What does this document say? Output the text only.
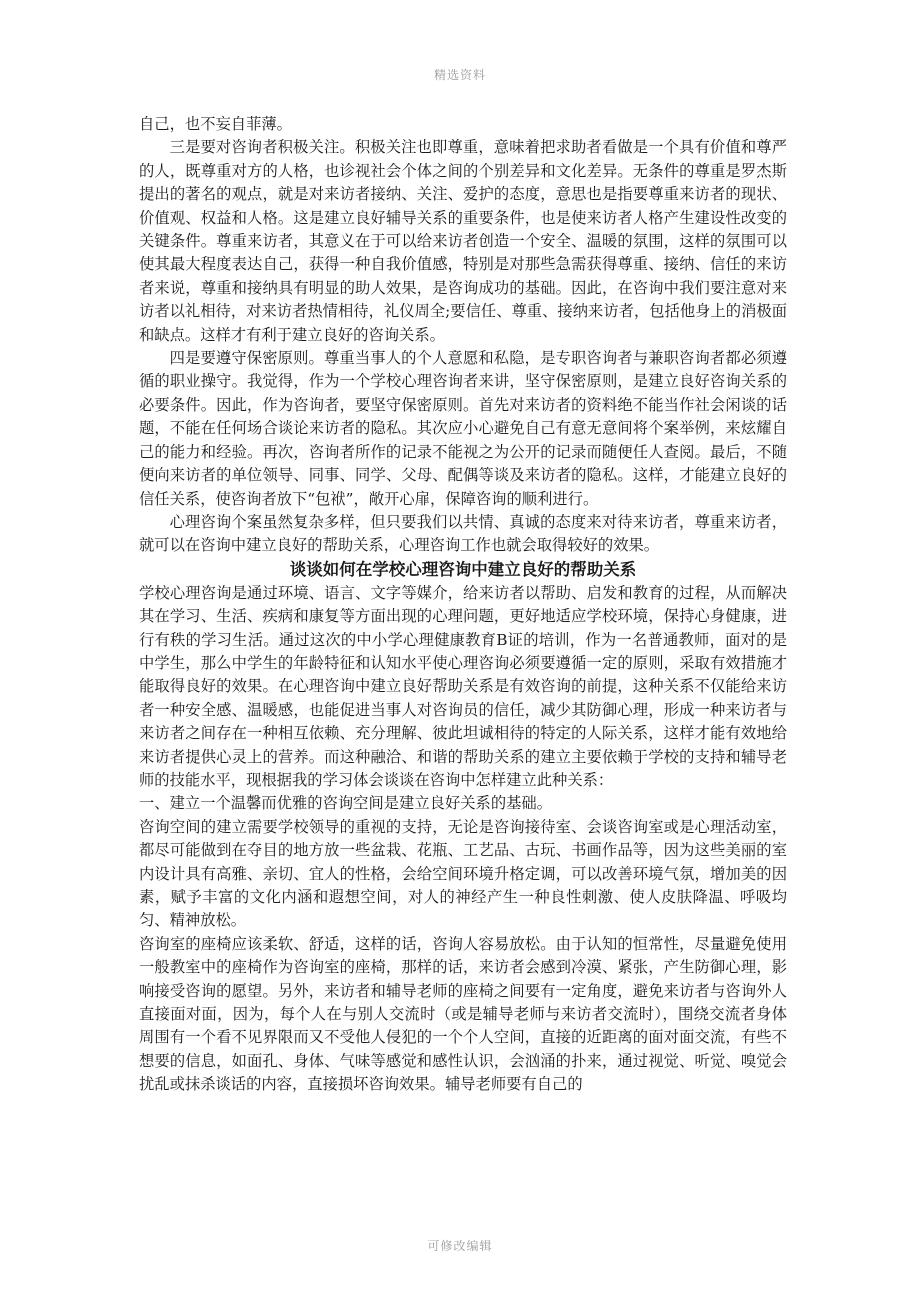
精选资料

自己，也不妄自菲薄。

三是要对咨询者积极关注。积极关注也即尊重，意味着把求助者看做是一个具有价值和尊严的人，既尊重对方的人格，也诊视社会个体之间的个别差异和文化差异。无条件的尊重是罗杰斯提出的著名的观点，就是对来访者接纳、关注、爱护的态度，意思也是指要尊重来访者的现状、价值观、权益和人格。这是建立良好辅导关系的重要条件，也是使来访者人格产生建设性改变的关键条件。尊重来访者，其意义在于可以给来访者创造一个安全、温暖的氛围，这样的氛围可以使其最大程度表达自己，获得一种自我价值感，特别是对那些急需获得尊重、接纳、信任的来访者来说，尊重和接纳具有明显的助人效果，是咨询成功的基础。因此，在咨询中我们要注意对来访者以礼相待，对来访者热情相待，礼仪周全;要信任、尊重、接纳来访者，包括他身上的消极面和缺点。这样才有利于建立良好的咨询关系。

四是要遵守保密原则。尊重当事人的个人意愿和私隐，是专职咨询者与兼职咨询者都必须遵循的职业操守。我觉得，作为一个学校心理咨询者来讲，坚守保密原则，是建立良好咨询关系的必要条件。因此，作为咨询者，要坚守保密原则。首先对来访者的资料绝不能当作社会闲谈的话题，不能在任何场合谈论来访者的隐私。其次应小心避免自己有意无意间将个案举例，来炫耀自己的能力和经验。再次，咨询者所作的记录不能视之为公开的记录而随便任人查阅。最后，不随便向来访者的单位领导、同事、同学、父母、配偶等谈及来访者的隐私。这样，才能建立良好的信任关系，使咨询者放下“包袱”，敞开心扉，保障咨询的顺利进行。

心理咨询个案虽然复杂多样，但只要我们以共情、真诚的态度来对待来访者，尊重来访者，就可以在咨询中建立良好的帮助关系，心理咨询工作也就会取得较好的效果。

谈谈如何在学校心理咨询中建立良好的帮助关系

学校心理咨询是通过环境、语言、文字等媒介，给来访者以帮助、启发和教育的过程，从而解决其在学习、生活、疾病和康复等方面出现的心理问题，更好地适应学校环境，保持心身健康，进行有秩的学习生活。通过这次的中小学心理健康教育B证的培训，作为一名普通教师，面对的是中学生，那么中学生的年龄特征和认知水平使心理咨询必须要遵循一定的原则，采取有效措施才能取得良好的效果。在心理咨询中建立良好帮助关系是有效咨询的前提，这种关系不仅能给来访者一种安全感、温暖感，也能促进当事人对咨询员的信任，减少其防御心理，形成一种来访者与来访者之间存在一种相互依赖、充分理解、彼此坦诚相待的特定的人际关系，这样才能有效地给来访者提供心灵上的营养。而这种融洽、和谐的帮助关系的建立主要依赖于学校的支持和辅导老师的技能水平，现根据我的学习体会谈谈在咨询中怎样建立此种关系：

一、建立一个温馨而优雅的咨询空间是建立良好关系的基础。

咨询空间的建立需要学校领导的重视的支持，无论是咨询接待室、会谈咨询室或是心理活动室，都尽可能做到在夺目的地方放一些盆栽、花瓶、工艺品、古玩、书画作品等，因为这些美丽的室内设计具有高雅、亲切、宜人的性格，会给空间环境升格定调，可以改善环境气氛，增加美的因素，赋予丰富的文化内涵和遐想空间，对人的神经产生一种良性刺激、使人皮肤降温、呼吸均匀、精神放松。

咨询室的座椅应该柔软、舒适，这样的话，咨询人容易放松。由于认知的恒常性，尽量避免使用一般教室中的座椅作为咨询室的座椅，那样的话，来访者会感到冷漠、紧张，产生防御心理，影响接受咨询的愿望。另外，来访者和辅导老师的座椅之间要有一定角度，避免来访者与咨询外人直接面对面，因为，每个人在与别人交流时（或是辅导老师与来访者交流时），围绕交流者身体周围有一个看不见界限而又不受他人侵犯的一个个人空间，直接的近距离的面对面交流，有些不想要的信息，如面孔、身体、气味等感觉和感性认识，会汹涌的扑来，通过视觉、听觉、嗅觉会扰乱或抹杀谈话的内容，直接损坏咨询效果。辅导老师要有自己的

可修改编辑
